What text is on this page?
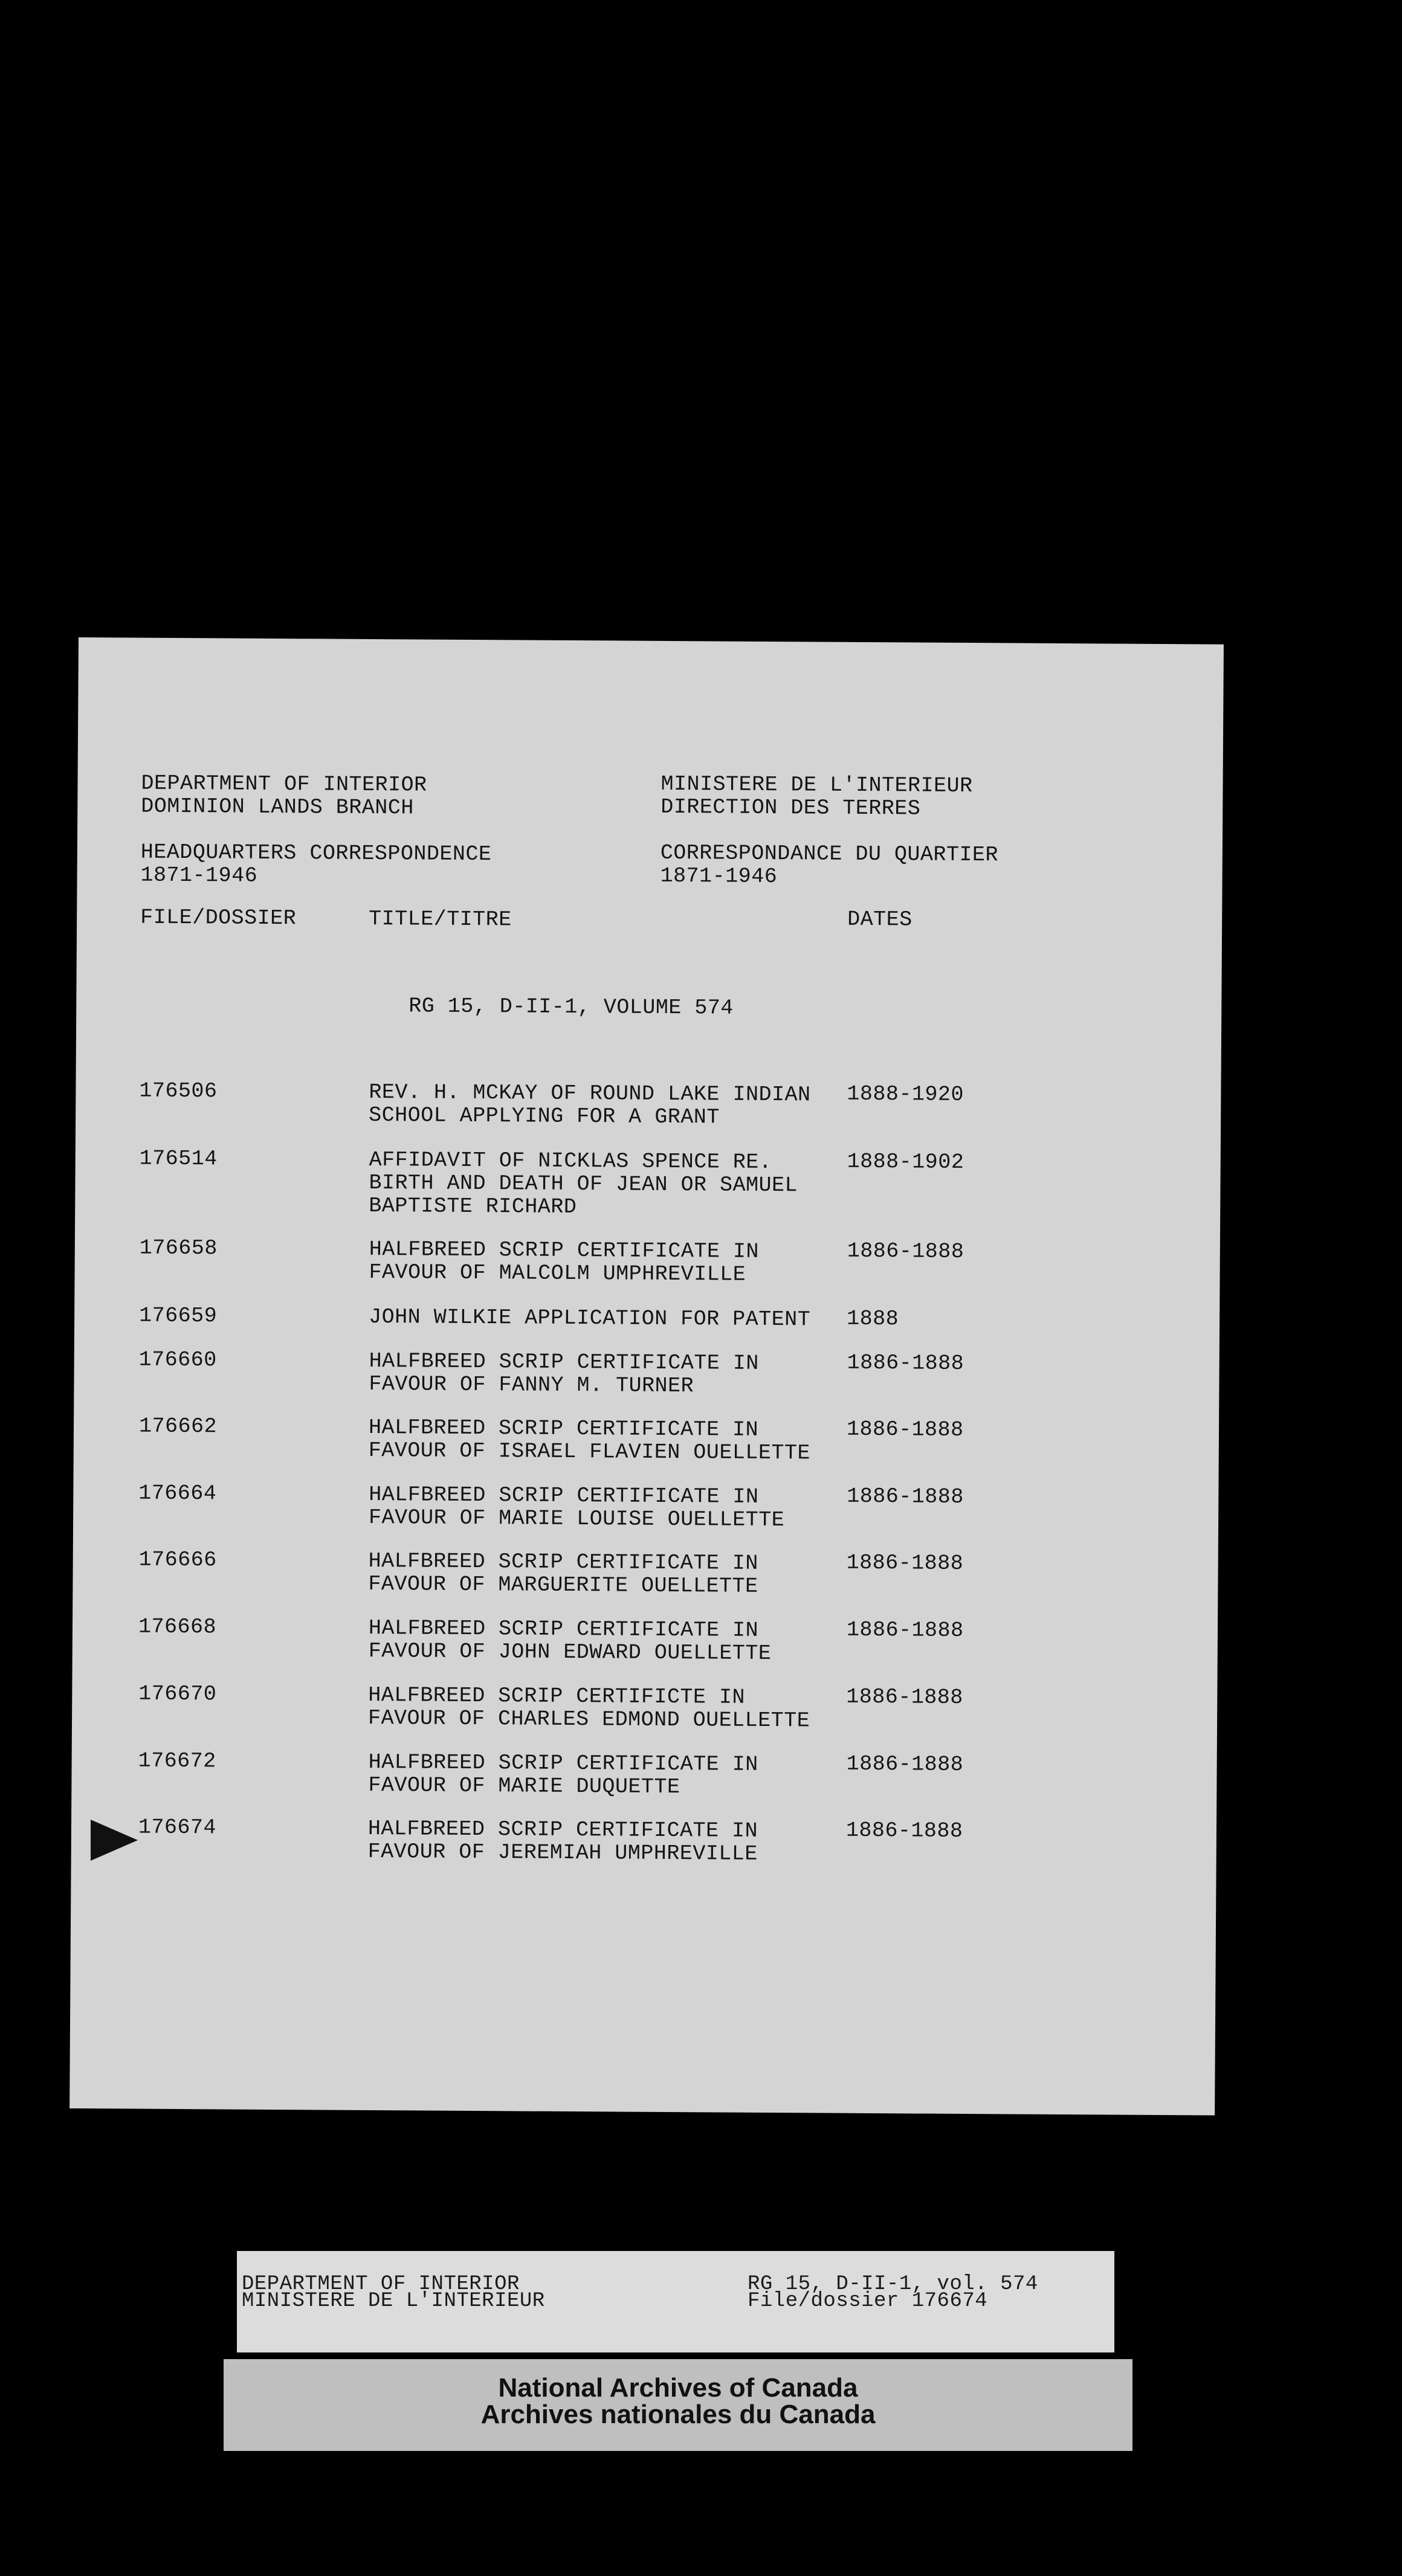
DEPARTMENT OF INTERIOR
DOMINION LANDS BRANCH
MINISTERE DE L'INTERIEUR
DIRECTION DES TERRES
HEADQUARTERS CORRESPONDENCE
1871-1946
CORRESPONDANCE DU QUARTIER
1871-1946
FILE/DOSSIER	TITLE/TITRE	DATES
RG 15, D-II-1, VOLUME 574
176506	REV. H. MCKAY OF ROUND LAKE INDIAN
SCHOOL APPLYING FOR A GRANT
1888-1920
176514	AFFIDAVIT OF NICKLAS SPENCE RE.
BIRTH AND DEATH OF JEAN OR SAMUEL
BAPTISTE RICHARD
1888-1902
176658	HALFBREED SCRIP CERTIFICATE IN
FAVOUR OF MALCOLM UMPHREVILLE
1886-1888
176659	JOHN WILKIE APPLICATION FOR PATENT 1888
176660	HALFBREED SCRIP CERTIFICATE IN
FAVOUR OF FANNY M. TURNER
1886-1888
176662	HALFBREED SCRIP CERTIFICATE IN
FAVOUR OF ISRAEL FLAVIEN OUELLETTE
1886-1888
176664	HALFBREED SCRIP CERTIFICATE IN
FAVOUR OF MARIE LOUISE OUELLETTE
1886-1888
176666	HALFBREED SCRIP CERTIFICATE IN
FAVOUR OF MARGUERITE OUELLETTE
1886-1888
176668	HALFBREED SCRIP CERTIFICATE IN
FAVOUR OF JOHN EDWARD OUELLETTE
1886-1888
176670	HALFBREED SCRIP CERTIFICTE IN
FAVOUR OF CHARLES EDMOND OUELLETTE
1886-1888
176672	HALFBREED SCRIP CERTIFICATE IN
FAVOUR OF MARIE DUQUETTE
1886-1888
176674	HALFBREED SCRIP CERTIFICATE IN
FAVOUR OF JEREMIAH UMPHREVILLE
1886-1888
DEPARTMENT OF INTERIOR
MINISTERE DE L'INTERIEUR
RG 15, D-II-1, vol. 574
File/dossier 176674
National Archives of Canada
Archives nationales du Canada
